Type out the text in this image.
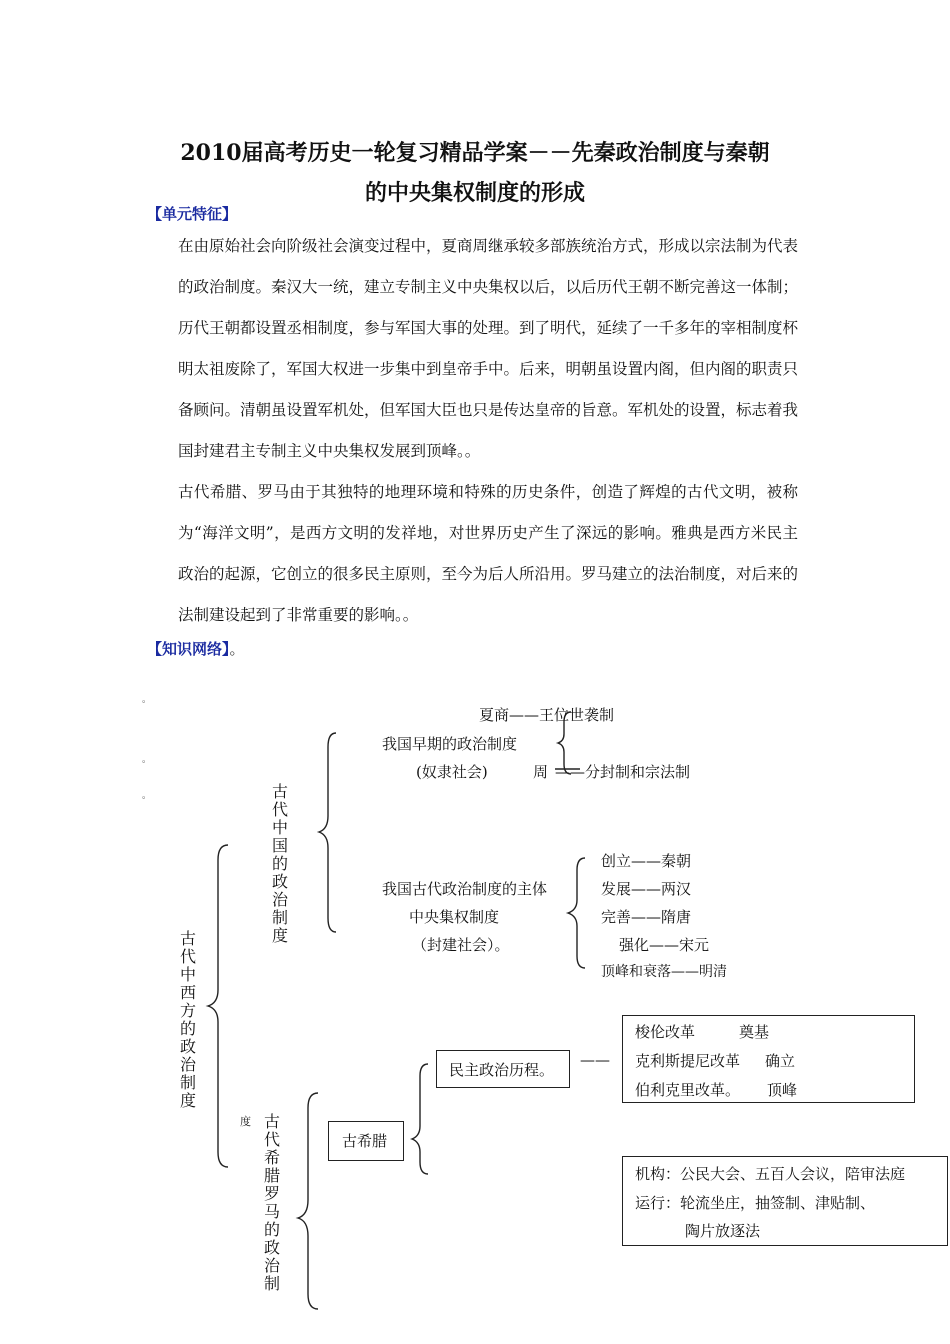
2010届高考历史一轮复习精品学案－－先秦政治制度与秦朝
的中央集权制度的形成
【单元特征】

在由原始社会向阶级社会演变过程中，夏商周继承较多部族统治方式，形成以宗法制为代表的政治制度。秦汉大一统，建立专制主义中央集权以后，以后历代王朝不断完善这一体制；历代王朝都设置丞相制度，参与军国大事的处理。到了明代，延续了一千多年的宰相制度杯明太祖废除了，军国大权进一步集中到皇帝手中。后来，明朝虽设置内阁，但内阁的职责只备顾问。清朝虽设置军机处，但军国大臣也只是传达皇帝的旨意。军机处的设置，标志着我国封建君主专制主义中央集权发展到顶峰。。

古代希腊、罗马由于其独特的地理环境和特殊的历史条件，创造了辉煌的古代文明，被称为“海洋文明”，是西方文明的发祥地，对世界历史产生了深远的影响。雅典是西方米民主政治的起源，它创立的很多民主原则，至今为后人所沿用。罗马建立的法治制度，对后来的法制建设起到了非常重要的影响。。

【知识网络】。
。
。
。
古代中西方的政治制度
古代中国的政治制度
我国早期的政治制度
(奴隶社会)
夏商——王位世袭制
周 ——分封制和宗法制
我国古代政治制度的主体
中央集权制度
（封建社会）。
创立——秦朝
发展——两汉
完善——隋唐
强化——宋元
顶峰和衰落——明清
古代希腊罗马的政治制
度
古希腊
民主政治历程。
——
梭伦改革	奠基
克利斯提尼改革 确立
伯利克里改革。 顶峰
机构：公民大会、五百人会议，陪审法庭
运行：轮流坐庄，抽签制、津贴制、
陶片放逐法
